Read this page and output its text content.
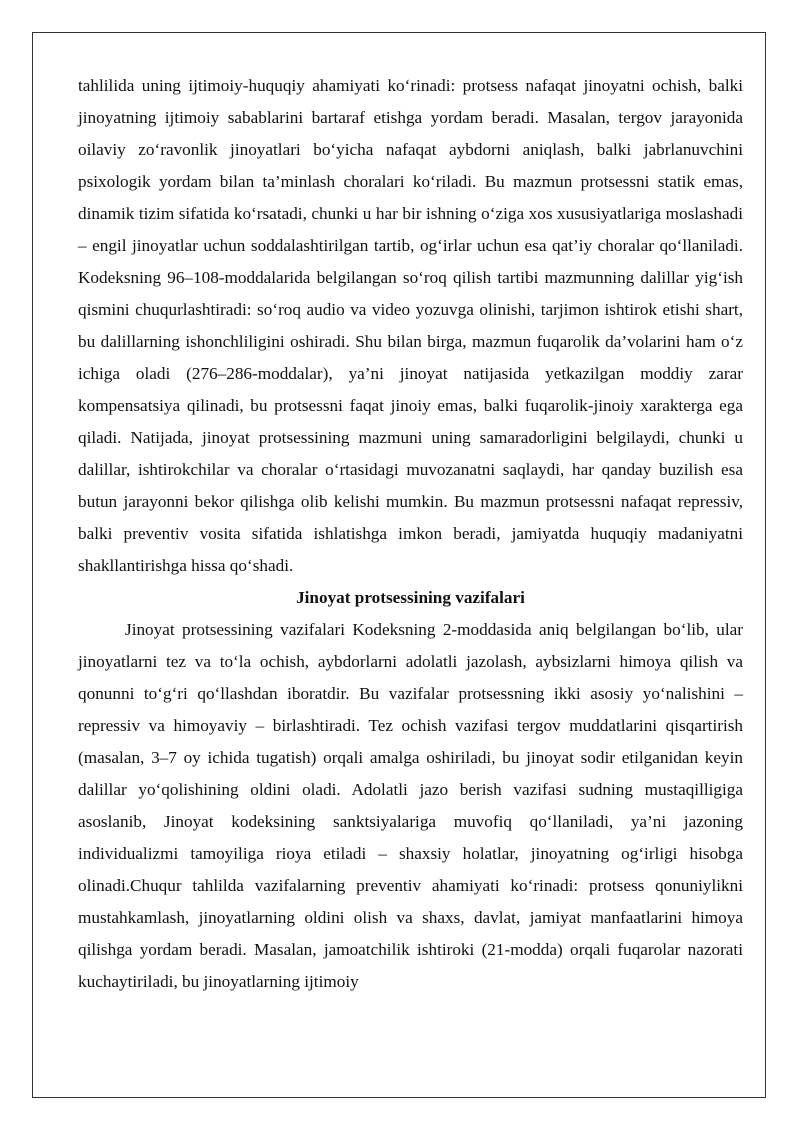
tahlilida uning ijtimoiy-huquqiy ahamiyati ko‘rinadi: protsess nafaqat jinoyatni ochish, balki jinoyatning ijtimoiy sabablarini bartaraf etishga yordam beradi. Masalan, tergov jarayonida oilaviy zo‘ravonlik jinoyatlari bo‘yicha nafaqat aybdorni aniqlash, balki jabrlanuvchini psixologik yordam bilan ta’minlash choralari ko‘riladi. Bu mazmun protsessni statik emas, dinamik tizim sifatida ko‘rsatadi, chunki u har bir ishning o‘ziga xos xususiyatlariga moslashadi – engil jinoyatlar uchun soddalashtirilgan tartib, og‘irlar uchun esa qat’iy choralar qo‘llaniladi. Kodeksning 96–108-moddalarida belgilangan so‘roq qilish tartibi mazmunning dalillar yig‘ish qismini chuqurlashtiradi: so‘roq audio va video yozuvga olinishi, tarjimon ishtirok etishi shart, bu dalillarning ishonchliligini oshiradi. Shu bilan birga, mazmun fuqarolik da’volarini ham o‘z ichiga oladi (276–286-moddalar), ya’ni jinoyat natijasida yetkazilgan moddiy zarar kompensatsiya qilinadi, bu protsessni faqat jinoiy emas, balki fuqarolik-jinoiy xarakterga ega qiladi. Natijada, jinoyat protsessining mazmuni uning samaradorligini belgilaydi, chunki u dalillar, ishtirokchilar va choralar o‘rtasidagi muvozanatni saqlaydi, har qanday buzilish esa butun jarayonni bekor qilishga olib kelishi mumkin. Bu mazmun protsessni nafaqat repressiv, balki preventiv vosita sifatida ishlatishga imkon beradi, jamiyatda huquqiy madaniyatni shakllantirishga hissa qo‘shadi.

Jinoyat protsessining vazifalari

Jinoyat protsessining vazifalari Kodeksning 2-moddasida aniq belgilangan bo‘lib, ular jinoyatlarni tez va to‘la ochish, aybdorlarni adolatli jazolash, aybsizlarni himoya qilish va qonunni to‘g‘ri qo‘llashdan iboratdir. Bu vazifalar protsessning ikki asosiy yo‘nalishini – repressiv va himoyaviy – birlashtiradi. Tez ochish vazifasi tergov muddatlarini qisqartirish (masalan, 3–7 oy ichida tugatish) orqali amalga oshiriladi, bu jinoyat sodir etilganidan keyin dalillar yo‘qolishining oldini oladi. Adolatli jazo berish vazifasi sudning mustaqilligiga asoslanib, Jinoyat kodeksining sanktsiyalariga muvofiq qo‘llaniladi, ya’ni jazoning individualizmi tamoyiliga rioya etiladi – shaxsiy holatlar, jinoyatning og‘irligi hisobga olinadi.Chuqur tahlilda vazifalarning preventiv ahamiyati ko‘rinadi: protsess qonuniylikni mustahkamlash, jinoyatlarning oldini olish va shaxs, davlat, jamiyat manfaatlarini himoya qilishga yordam beradi. Masalan, jamoatchilik ishtiroki (21-modda) orqali fuqarolar nazorati kuchaytiriladi, bu jinoyatlarning ijtimoiy
